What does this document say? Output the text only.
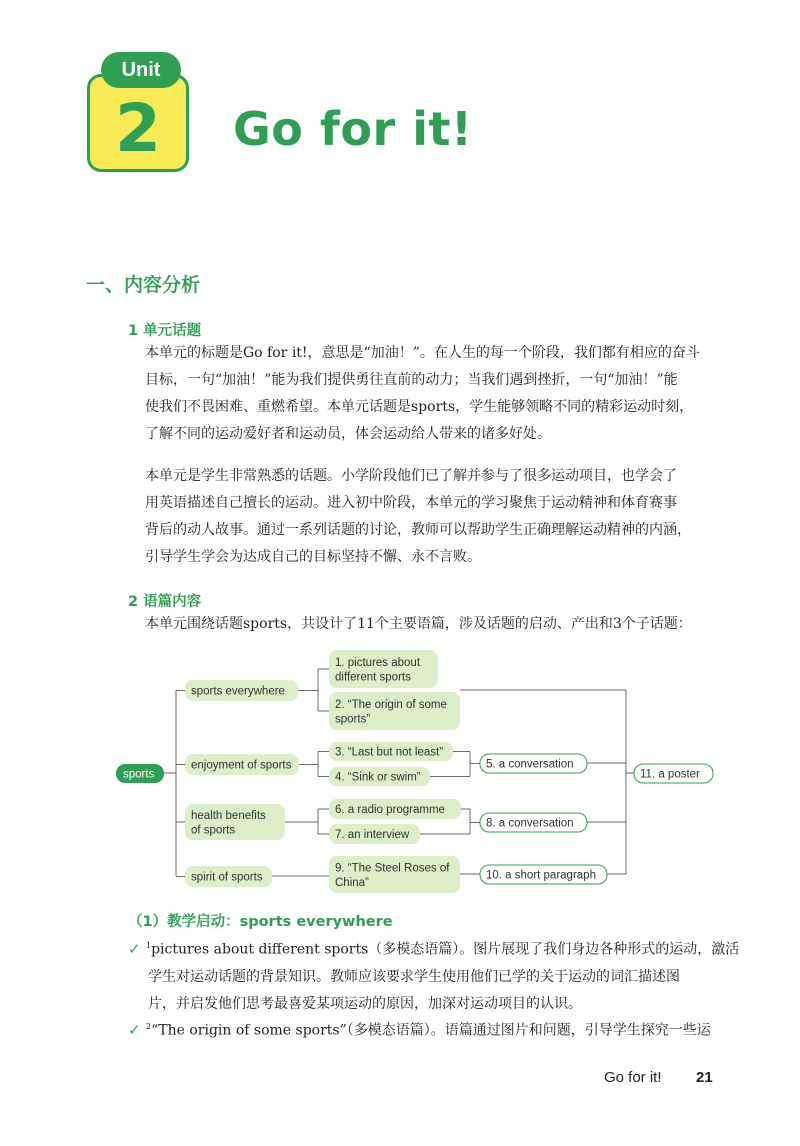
Unit
2	Go for it!
一、内容分析
1 单元话题
本单元的标题是Go for it!，意思是“加油！”。在人生的每一个阶段，我们都有相应的奋斗
目标，一句“加油！”能为我们提供勇往直前的动力；当我们遇到挫折，一句“加油！”能
使我们不畏困难、重燃希望。本单元话题是sports，学生能够领略不同的精彩运动时刻，
了解不同的运动爱好者和运动员，体会运动给人带来的诸多好处。
本单元是学生非常熟悉的话题。小学阶段他们已了解并参与了很多运动项目，也学会了
用英语描述自己擅长的运动。进入初中阶段，本单元的学习聚焦于运动精神和体育赛事
背后的动人故事。通过一系列话题的讨论，教师可以帮助学生正确理解运动精神的内涵，
引导学生学会为达成自己的目标坚持不懈、永不言败。
2 语篇内容
本单元围绕话题sports，共设计了11个主要语篇，涉及话题的启动、产出和3个子话题：
sports
sports everywhere
enjoyment of sports
health benefits
of sports
spirit of sports
1. pictures about
different sports
2. “The origin of some
sports”
3. “Last but not least”
4. “Sink or swim”
6. a radio programme
7. an interview
9. “The Steel Roses of
China”
5. a conversation
8. a conversation
10. a short paragraph
11. a poster
（1）教学启动：sports everywhere
✓ $^1$pictures about different sports（多模态语篇）。图片展现了我们身边各种形式的运动，激活
学生对运动话题的背景知识。教师应该要求学生使用他们已学的关于运动的词汇描述图
片，并启发他们思考最喜爱某项运动的原因，加深对运动项目的认识。
✓ $^2$“The origin of some sports”（多模态语篇）。语篇通过图片和问题，引导学生探究一些运
Go for it! 21
